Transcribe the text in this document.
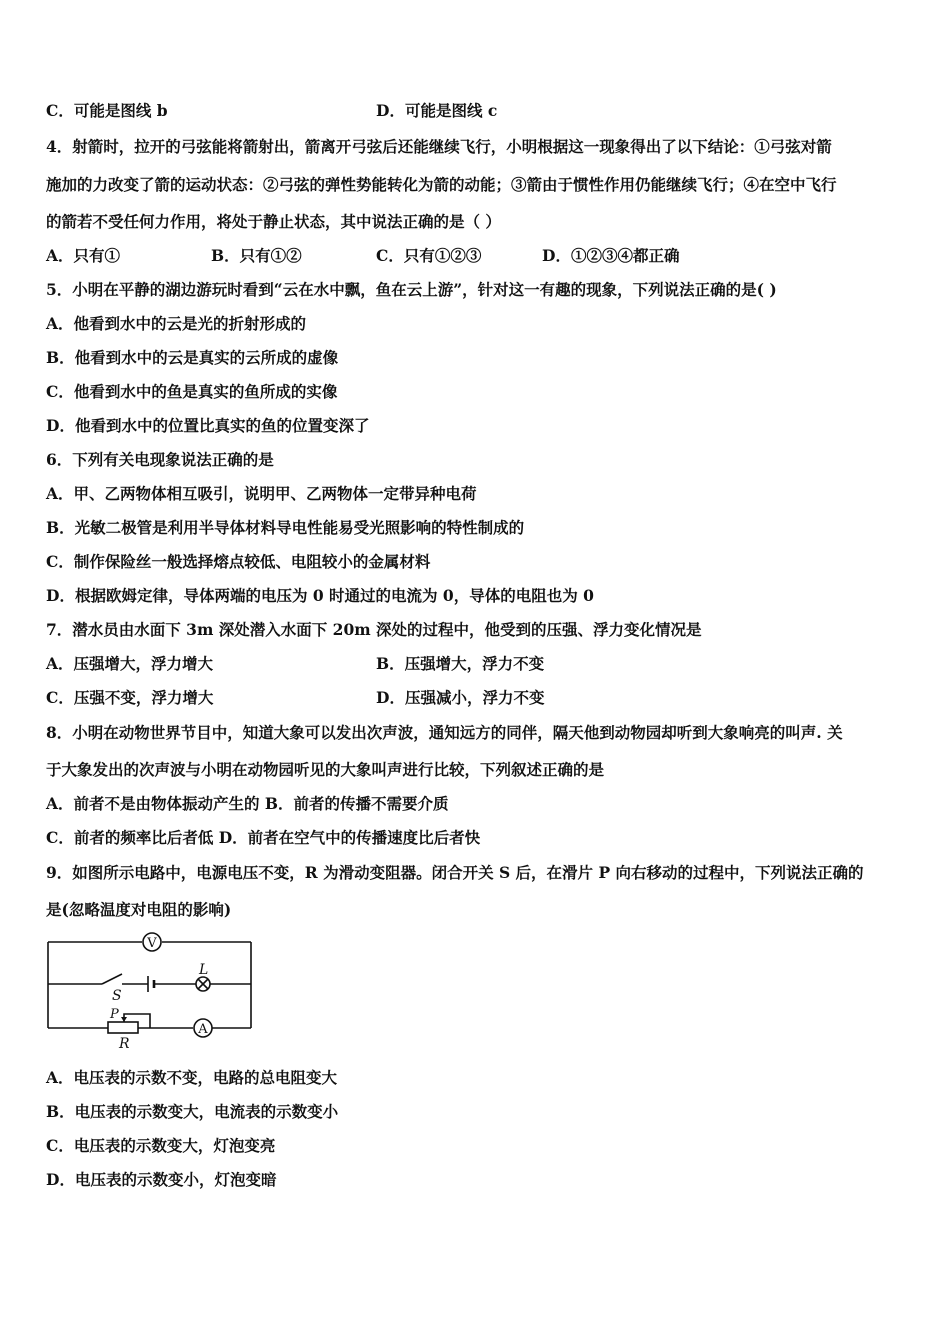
C．可能是图线 b	D．可能是图线 c
4．射箭时，拉开的弓弦能将箭射出，箭离开弓弦后还能继续飞行，小明根据这一现象得出了以下结论：①弓弦对箭
施加的力改变了箭的运动状态：②弓弦的弹性势能转化为箭的动能；③箭由于惯性作用仍能继续飞行；④在空中飞行
的箭若不受任何力作用，将处于静止状态，其中说法正确的是（ ）
A．只有①	B．只有①②	C．只有①②③	D．①②③④都正确
5．小明在平静的湖边游玩时看到“云在水中飘，鱼在云上游”，针对这一有趣的现象，下列说法正确的是( )
A．他看到水中的云是光的折射形成的
B．他看到水中的云是真实的云所成的虚像
C．他看到水中的鱼是真实的鱼所成的实像
D．他看到水中的位置比真实的鱼的位置变深了
6．下列有关电现象说法正确的是
A．甲、乙两物体相互吸引，说明甲、乙两物体一定带异种电荷
B．光敏二极管是利用半导体材料导电性能易受光照影响的特性制成的
C．制作保险丝一般选择熔点较低、电阻较小的金属材料
D．根据欧姆定律，导体两端的电压为 0 时通过的电流为 0，导体的电阻也为 0
7．潜水员由水面下 3m 深处潜入水面下 20m 深处的过程中，他受到的压强、浮力变化情况是
A．压强增大，浮力增大	B．压强增大，浮力不变
C．压强不变，浮力增大	D．压强减小，浮力不变
8．小明在动物世界节目中，知道大象可以发出次声波，通知远方的同伴，隔天他到动物园却听到大象响亮的叫声. 关
于大象发出的次声波与小明在动物园听见的大象叫声进行比较，下列叙述正确的是
A．前者不是由物体振动产生的 B．前者的传播不需要介质
C．前者的频率比后者低 D．前者在空气中的传播速度比后者快
9．如图所示电路中，电源电压不变，R 为滑动变阻器。闭合开关 S 后，在滑片 P 向右移动的过程中，下列说法正确的
是(忽略温度对电阻的影响)
V
A
L
S
P
R
A．电压表的示数不变，电路的总电阻变大
B．电压表的示数变大，电流表的示数变小
C．电压表的示数变大，灯泡变亮
D．电压表的示数变小，灯泡变暗
